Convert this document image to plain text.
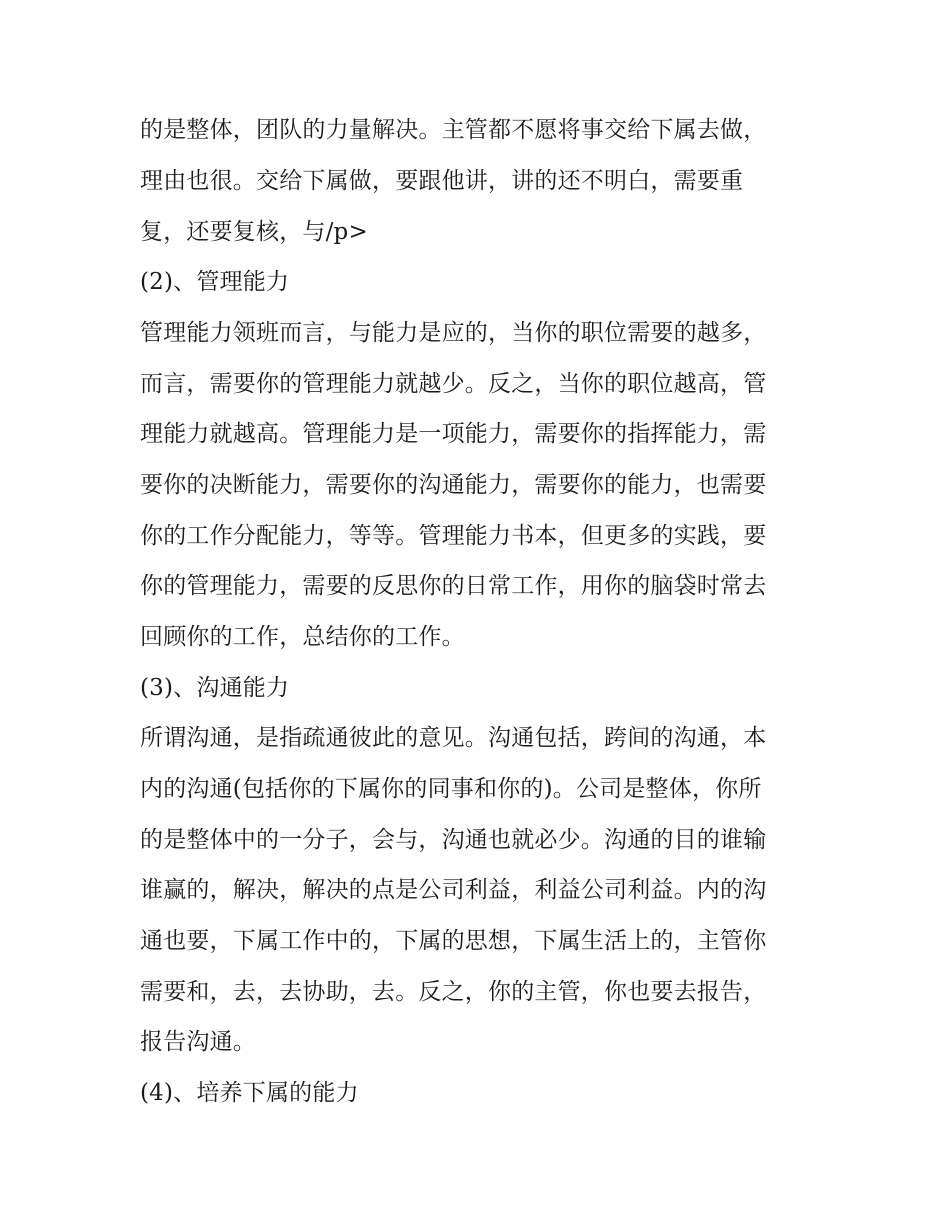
的是整体，团队的力量解决。主管都不愿将事交给下属去做，
理由也很。交给下属做，要跟他讲，讲的还不明白，需要重
复，还要复核，与/p>
(2)、管理能力
管理能力领班而言，与能力是应的，当你的职位需要的越多，
而言，需要你的管理能力就越少。反之，当你的职位越高，管
理能力就越高。管理能力是一项能力，需要你的指挥能力，需
要你的决断能力，需要你的沟通能力，需要你的能力，也需要
你的工作分配能力，等等。管理能力书本，但更多的实践，要
你的管理能力，需要的反思你的日常工作，用你的脑袋时常去
回顾你的工作，总结你的工作。
(3)、沟通能力
所谓沟通，是指疏通彼此的意见。沟通包括，跨间的沟通，本
内的沟通(包括你的下属你的同事和你的)。公司是整体，你所
的是整体中的一分子，会与，沟通也就必少。沟通的目的谁输
谁赢的，解决，解决的点是公司利益，利益公司利益。内的沟
通也要，下属工作中的，下属的思想，下属生活上的，主管你
需要和，去，去协助，去。反之，你的主管，你也要去报告，
报告沟通。
(4)、培养下属的能力
